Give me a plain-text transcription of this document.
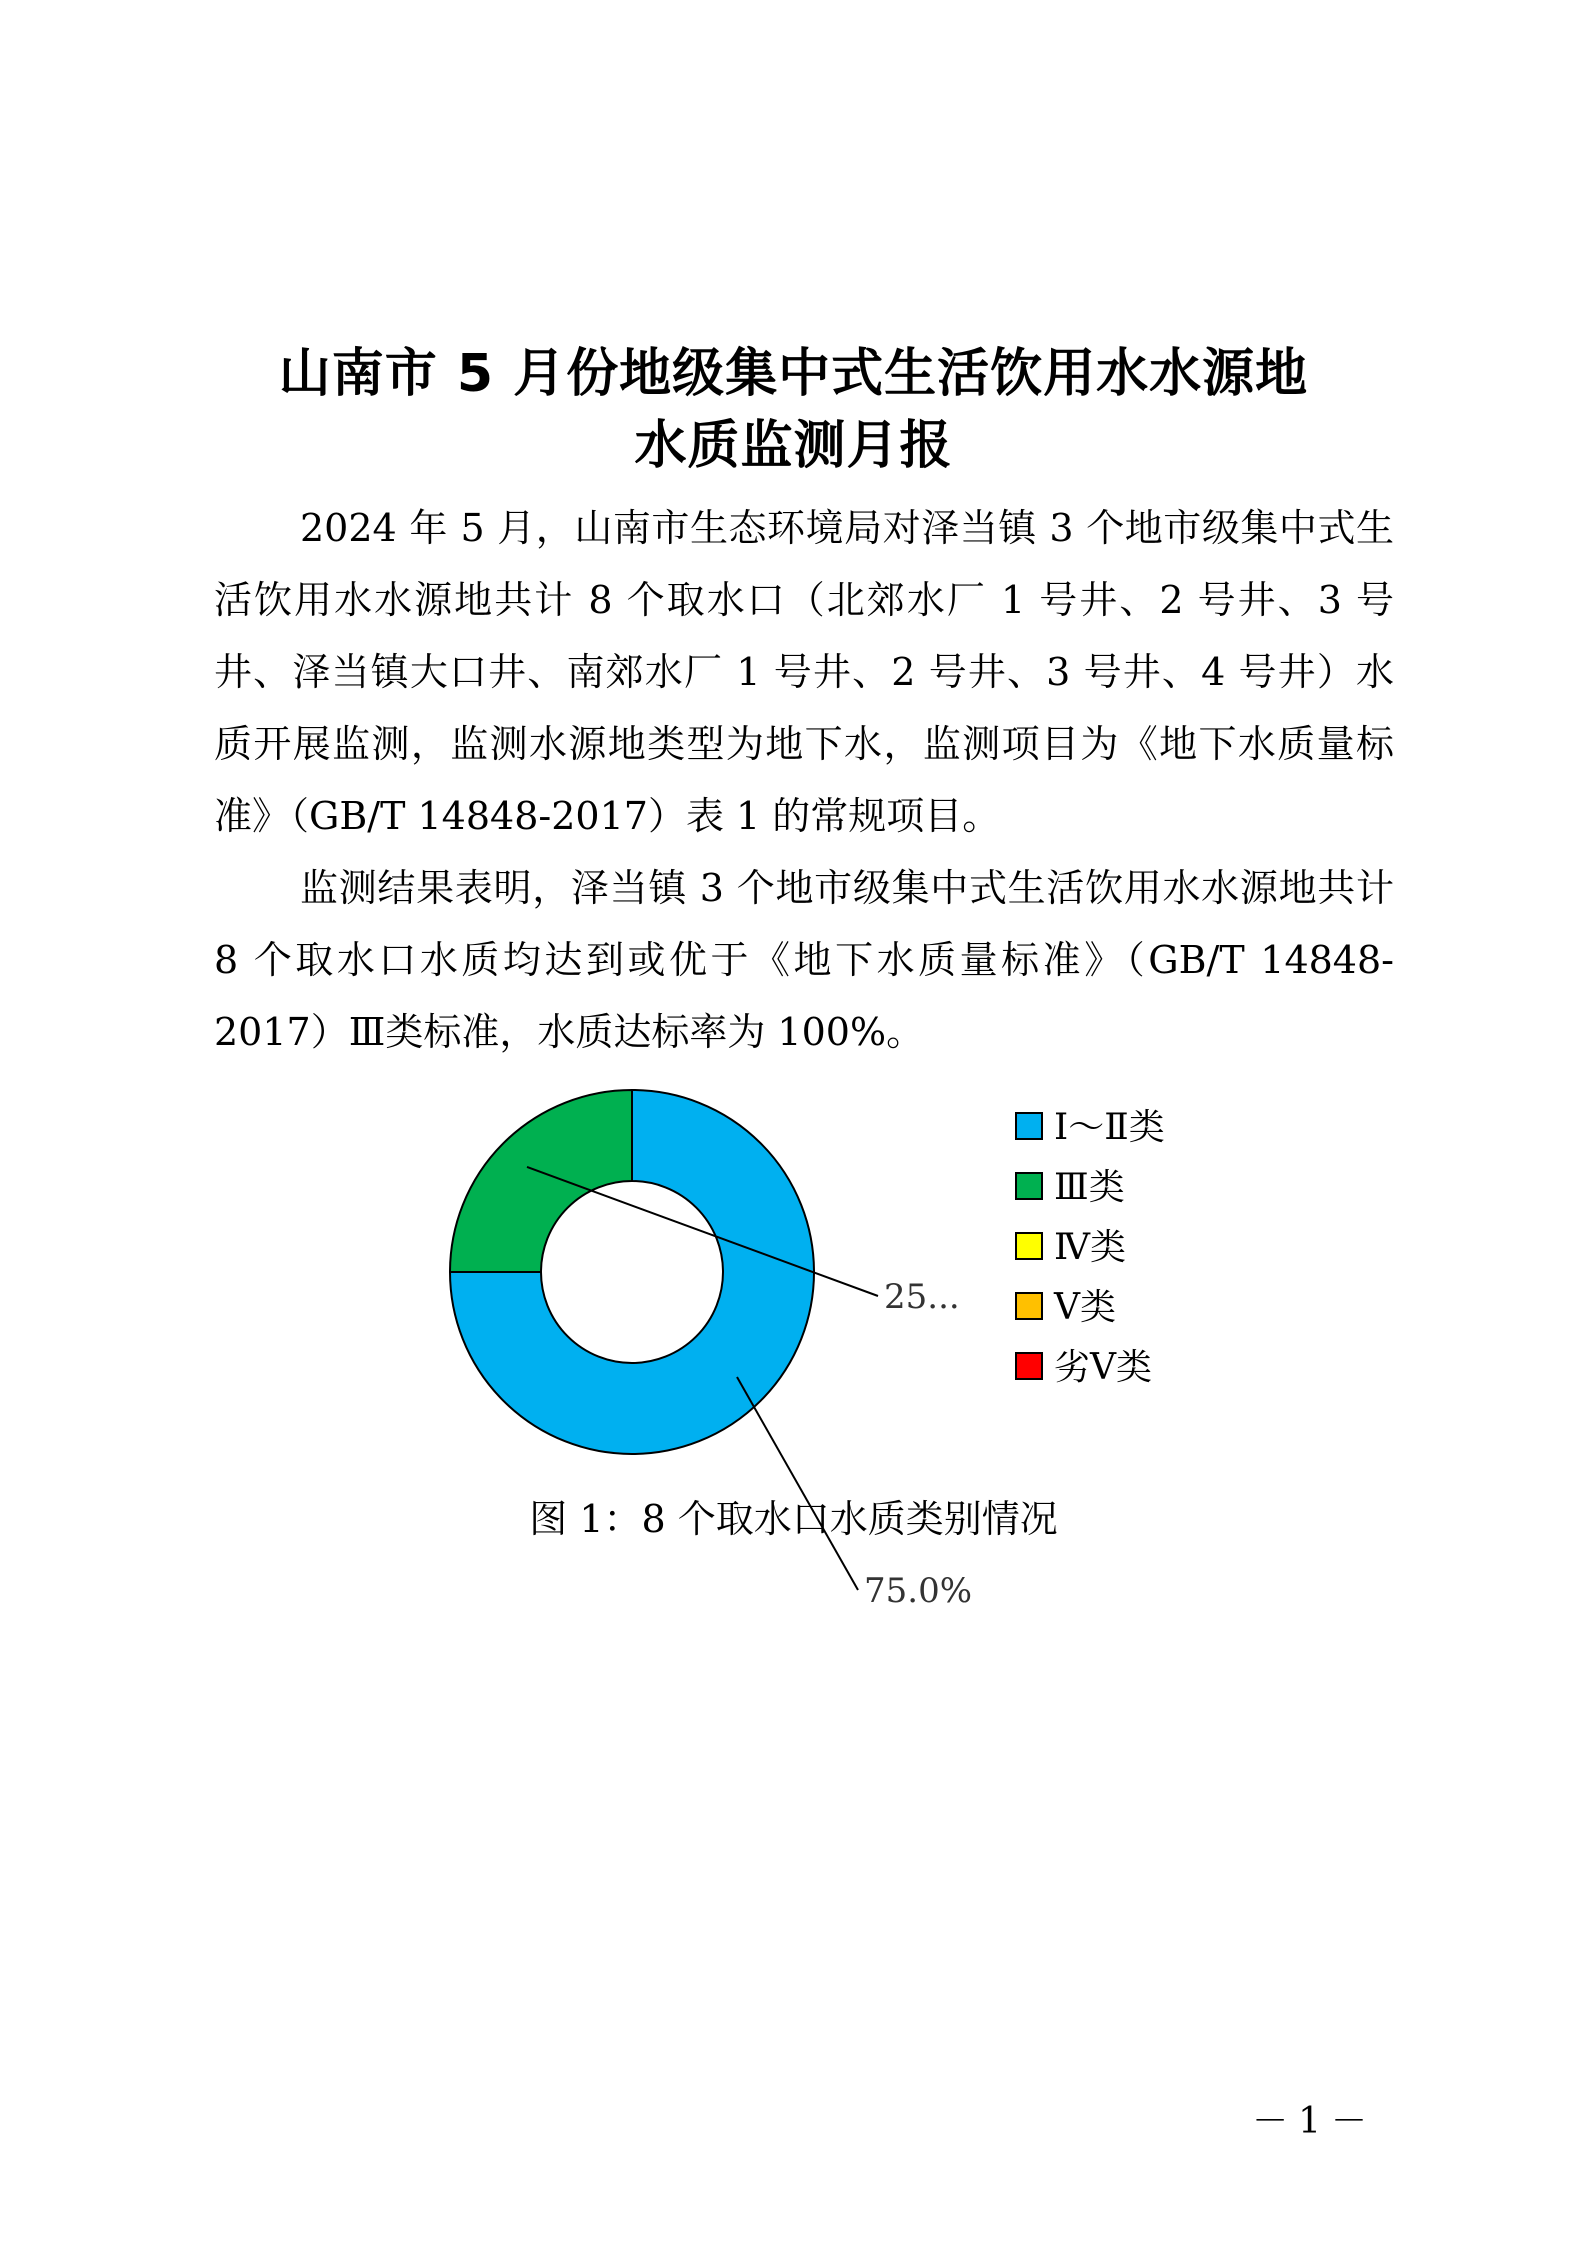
山南市 5 月份地级集中式生活饮用水水源地
水质监测月报

2024 年 5 月，山南市生态环境局对泽当镇 3 个地市级集中式生活饮用水水源地共计 8 个取水口（北郊水厂 1 号井、2 号井、3 号井、泽当镇大口井、南郊水厂 1 号井、2 号井、3 号井、4 号井）水质开展监测，监测水源地类型为地下水，监测项目为《地下水质量标准》（GB/T 14848-2017）表 1 的常规项目。

监测结果表明，泽当镇 3 个地市级集中式生活饮用水水源地共计 8 个取水口水质均达到或优于《地下水质量标准》（GB/T 14848-2017）Ⅲ类标准，水质达标率为 100%。

75.0%
25...
Ⅰ～Ⅱ类
Ⅲ类
Ⅳ类
Ⅴ类
劣Ⅴ类
图 1：8 个取水口水质类别情况
－1－
